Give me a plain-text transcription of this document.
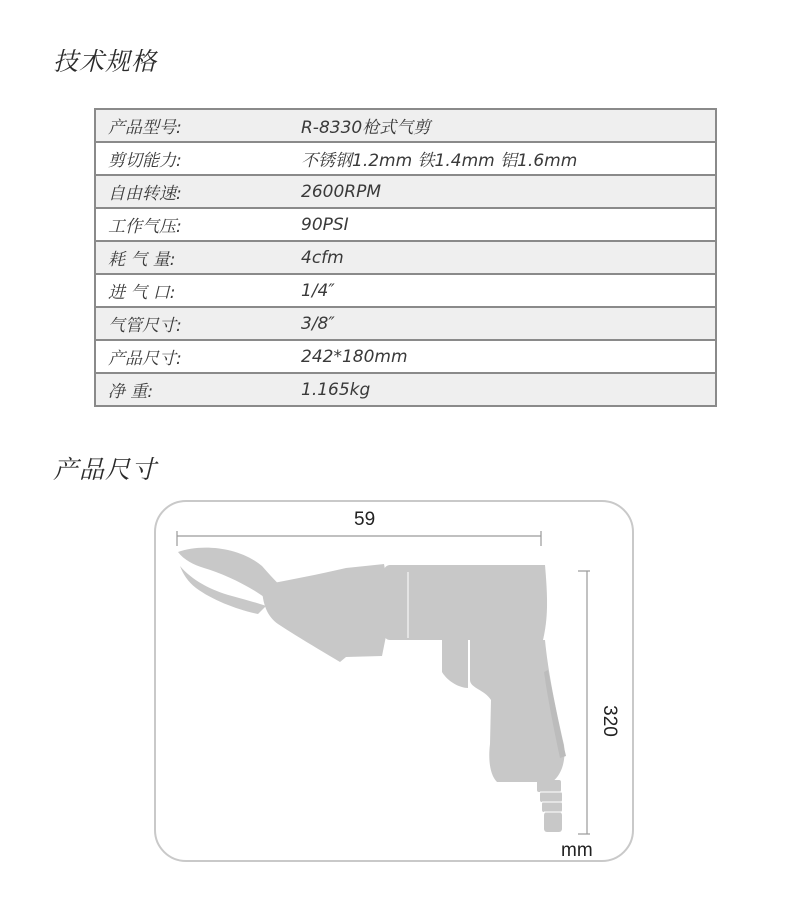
技术规格
产品型号:	R-8330枪式气剪
剪切能力:	不锈钢1.2mm 铁1.4mm 铝1.6mm
自由转速:	2600RPM
工作气压:	90PSI
耗 气 量:	4cfm
进 气 口:	1/4″
气管尺寸:	3/8″
产品尺寸:	242*180mm
净 重:	1.165kg
产品尺寸
59
320
mm
